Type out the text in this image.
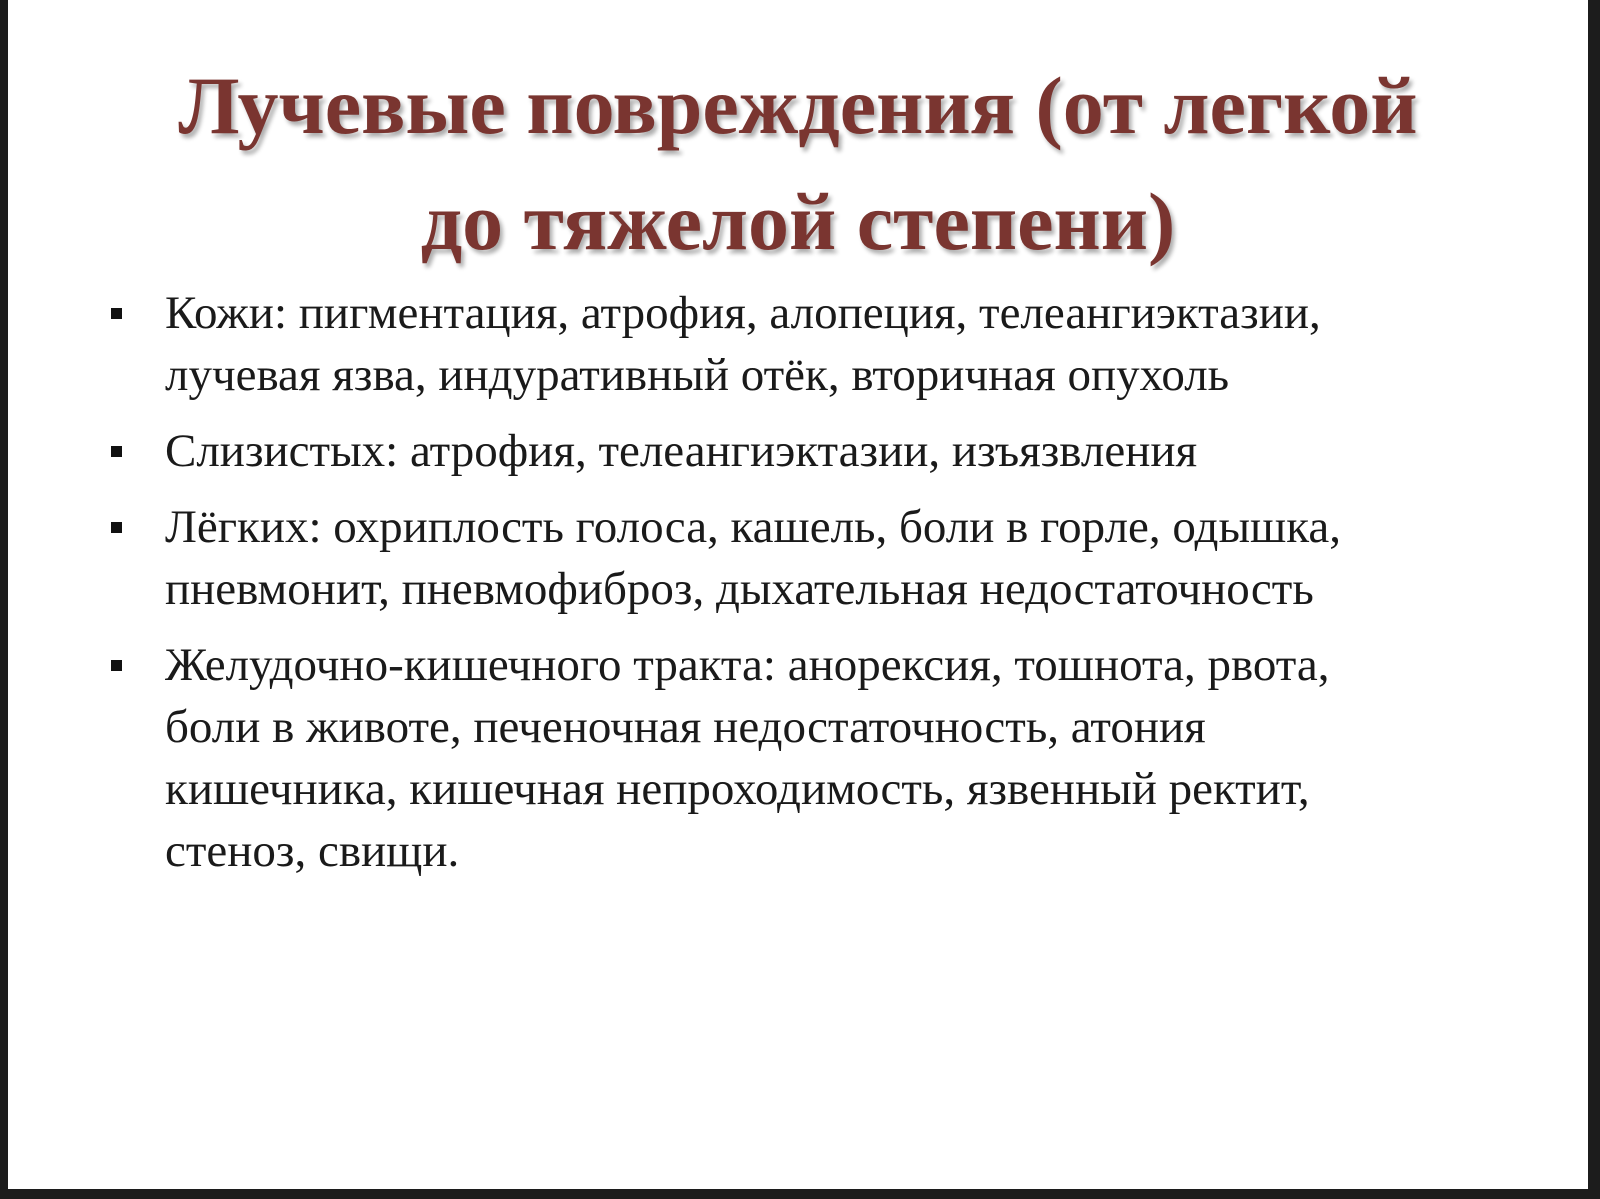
Лучевые повреждения (от легкой
до тяжелой степени)
Кожи: пигментация, атрофия, алопеция, телеангиэктазии,
лучевая язва, индуративный отёк, вторичная опухоль
Слизистых: атрофия, телеангиэктазии, изъязвления
Лёгких: охриплость голоса, кашель, боли в горле, одышка,
пневмонит, пневмофиброз, дыхательная недостаточность
Желудочно-кишечного тракта: анорексия, тошнота, рвота,
боли в животе, печеночная недостаточность, атония
кишечника, кишечная непроходимость, язвенный ректит,
стеноз, свищи.
